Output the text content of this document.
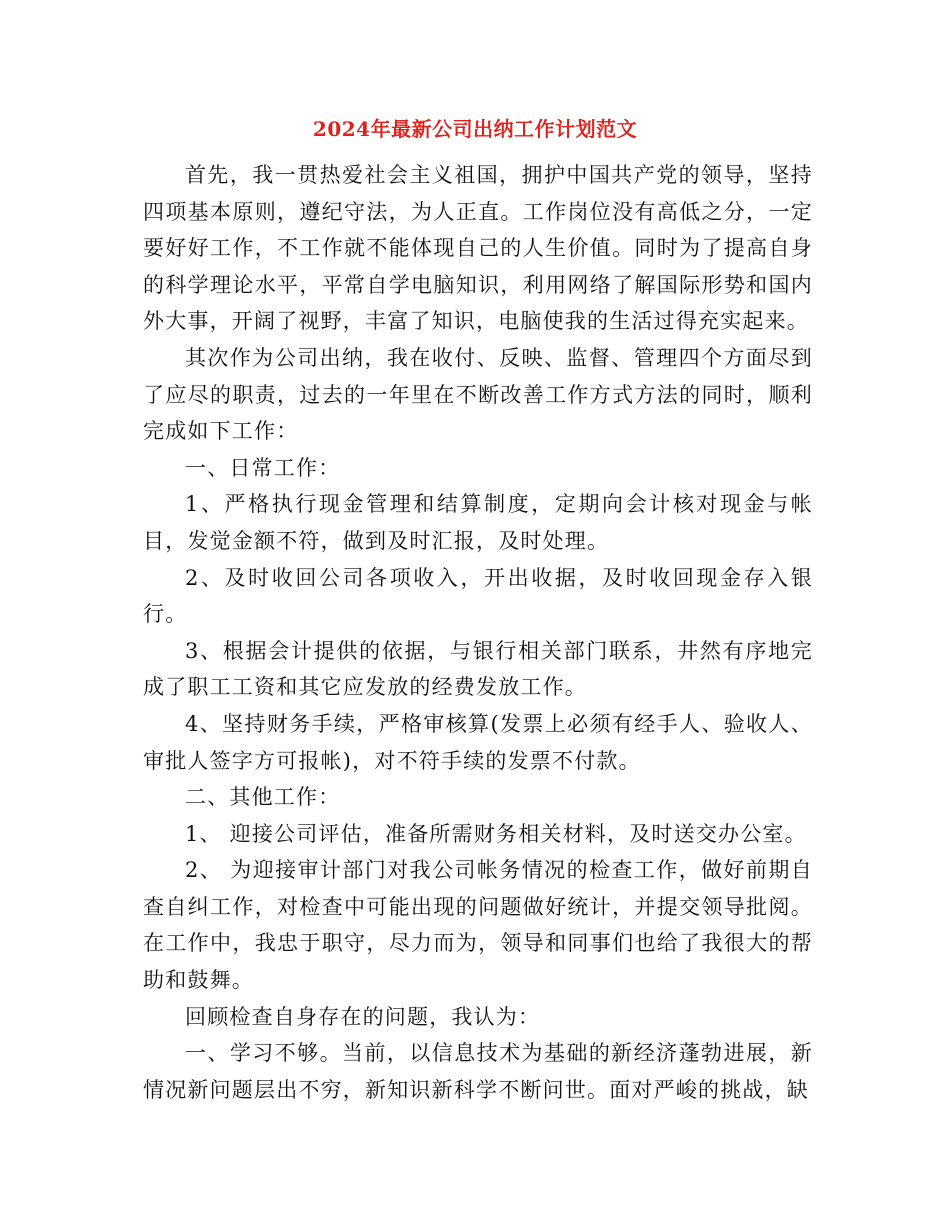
2024年最新公司出纳工作计划范文

首先，我一贯热爱社会主义祖国，拥护中国共产党的领导，坚持四项基本原则，遵纪守法，为人正直。工作岗位没有高低之分，一定要好好工作，不工作就不能体现自己的人生价值。同时为了提高自身的科学理论水平，平常自学电脑知识，利用网络了解国际形势和国内外大事，开阔了视野，丰富了知识，电脑使我的生活过得充实起来。

其次作为公司出纳，我在收付、反映、监督、管理四个方面尽到了应尽的职责，过去的一年里在不断改善工作方式方法的同时，顺利完成如下工作：

一、日常工作：

1、严格执行现金管理和结算制度，定期向会计核对现金与帐目，发觉金额不符，做到及时汇报，及时处理。

2、及时收回公司各项收入，开出收据，及时收回现金存入银行。

3、根据会计提供的依据，与银行相关部门联系，井然有序地完成了职工工资和其它应发放的经费发放工作。

4、坚持财务手续，严格审核算(发票上必须有经手人、验收人、审批人签字方可报帐)，对不符手续的发票不付款。

二、其他工作：

1、 迎接公司评估，准备所需财务相关材料，及时送交办公室。

2、 为迎接审计部门对我公司帐务情况的检查工作，做好前期自查自纠工作，对检查中可能出现的问题做好统计，并提交领导批阅。在工作中，我忠于职守，尽力而为，领导和同事们也给了我很大的帮助和鼓舞。

回顾检查自身存在的问题，我认为：

一、学习不够。当前，以信息技术为基础的新经济蓬勃进展，新情况新问题层出不穷，新知识新科学不断问世。面对严峻的挑战，缺
